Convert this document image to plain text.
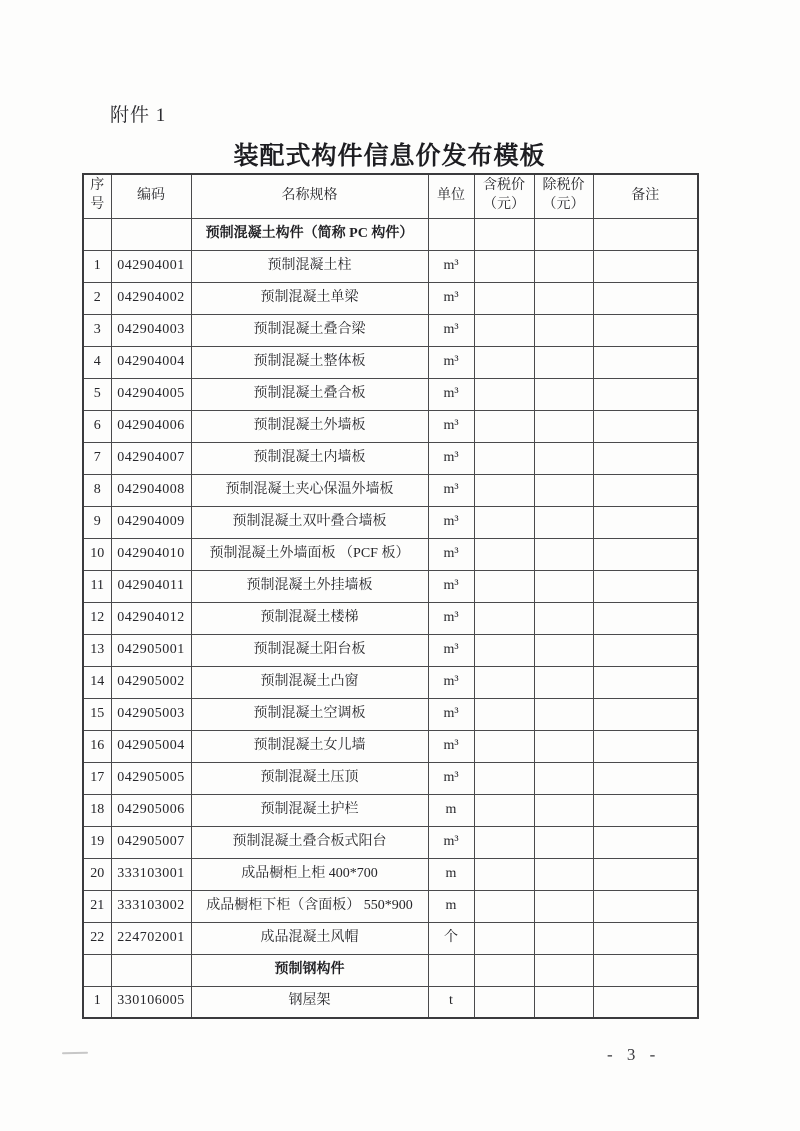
附件 1
装配式构件信息价发布模板
序号	编码	名称规格	单位	含税价（元）	除税价（元）	备注
		预制混凝土构件（简称 PC 构件）				
1	042904001	预制混凝土柱	m³			
2	042904002	预制混凝土单梁	m³			
3	042904003	预制混凝土叠合梁	m³			
4	042904004	预制混凝土整体板	m³			
5	042904005	预制混凝土叠合板	m³			
6	042904006	预制混凝土外墙板	m³			
7	042904007	预制混凝土内墙板	m³			
8	042904008	预制混凝土夹心保温外墙板	m³			
9	042904009	预制混凝土双叶叠合墙板	m³			
10	042904010	预制混凝土外墙面板 （PCF 板）	m³			
11	042904011	预制混凝土外挂墙板	m³			
12	042904012	预制混凝土楼梯	m³			
13	042905001	预制混凝土阳台板	m³			
14	042905002	预制混凝土凸窗	m³			
15	042905003	预制混凝土空调板	m³			
16	042905004	预制混凝土女儿墙	m³			
17	042905005	预制混凝土压顶	m³			
18	042905006	预制混凝土护栏	m			
19	042905007	预制混凝土叠合板式阳台	m³			
20	333103001	成品橱柜上柜 400*700	m			
21	333103002	成品橱柜下柜（含面板） 550*900	m			
22	224702001	成品混凝土风帽	个			
		预制钢构件				
1	330106005	钢屋架	t			
- 3 -
